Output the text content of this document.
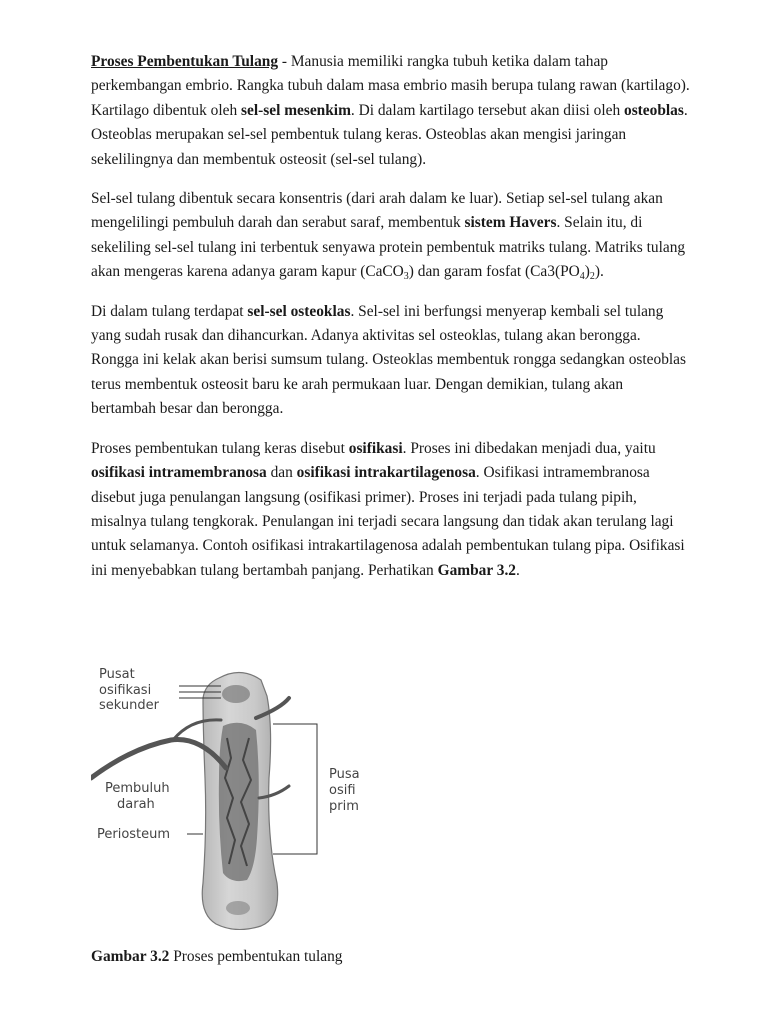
Proses Pembentukan Tulang - Manusia memiliki rangka tubuh ketika dalam tahap perkembangan embrio. Rangka tubuh dalam masa embrio masih berupa tulang rawan (kartilago). Kartilago dibentuk oleh sel-sel mesenkim. Di dalam kartilago tersebut akan diisi oleh osteoblas. Osteoblas merupakan sel-sel pembentuk tulang keras. Osteoblas akan mengisi jaringan sekelilingnya dan membentuk osteosit (sel-sel tulang).

Sel-sel tulang dibentuk secara konsentris (dari arah dalam ke luar). Setiap sel-sel tulang akan mengelilingi pembuluh darah dan serabut saraf, membentuk sistem Havers. Selain itu, di sekeliling sel-sel tulang ini terbentuk senyawa protein pembentuk matriks tulang. Matriks tulang akan mengeras karena adanya garam kapur (CaCO$_3$) dan garam fosfat $(Ca3(PO_4)_2)$.

Di dalam tulang terdapat sel-sel osteoklas. Sel-sel ini berfungsi menyerap kembali sel tulang yang sudah rusak dan dihancurkan. Adanya aktivitas sel osteoklas, tulang akan berongga. Rongga ini kelak akan berisi sumsum tulang. Osteoklas membentuk rongga sedangkan osteoblas terus membentuk osteosit baru ke arah permukaan luar. Dengan demikian, tulang akan bertambah besar dan berongga.

Proses pembentukan tulang keras disebut osifikasi. Proses ini dibedakan menjadi dua, yaitu osifikasi intramembranosa dan osifikasi intrakartilagenosa. Osifikasi intramembranosa disebut juga penulangan langsung (osifikasi primer). Proses ini terjadi pada tulang pipih, misalnya tulang tengkorak. Penulangan ini terjadi secara langsung dan tidak akan terulang lagi untuk selamanya. Contoh osifikasi intrakartilagenosa adalah pembentukan tulang pipa. Osifikasi ini menyebabkan tulang bertambah panjang. Perhatikan Gambar 3.2.

Pusat
osifikasi
sekunder
Pembuluh
darah
Periosteum
Pusa
osifi
prim
Gambar 3.2 Proses pembentukan tulang
